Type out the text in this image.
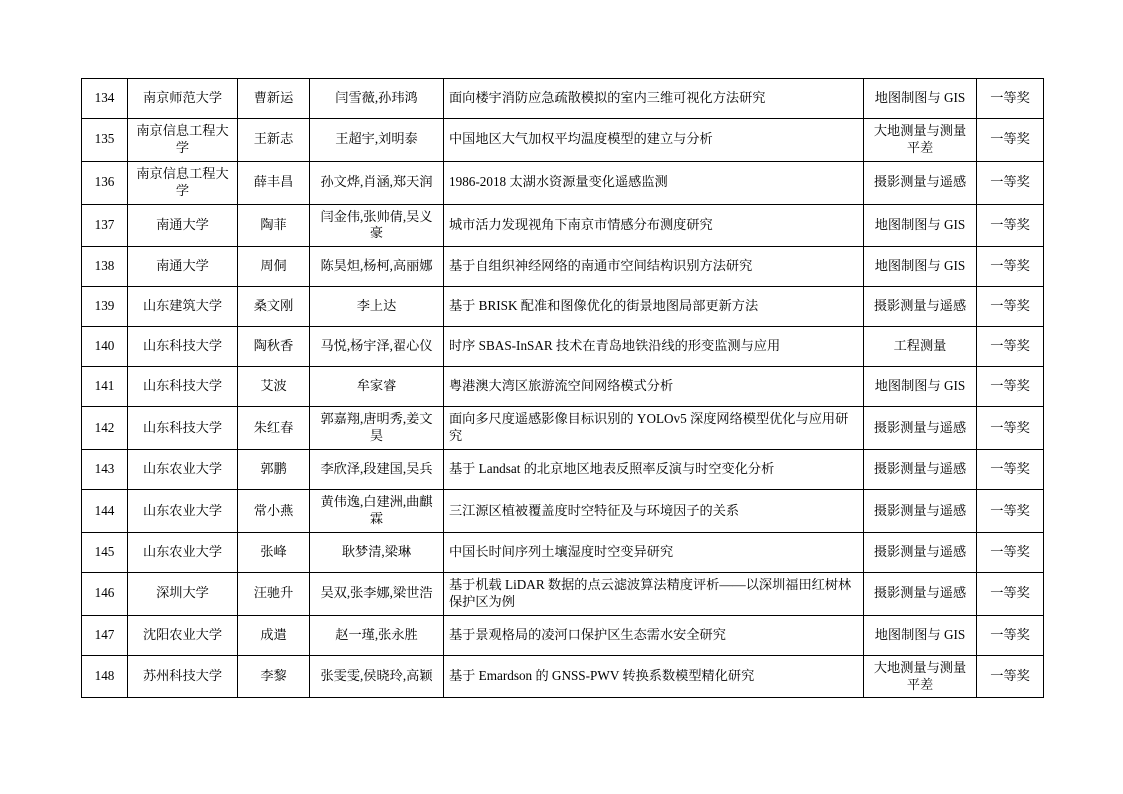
134	南京师范大学	曹新运	闫雪薇,孙玮鸿	面向楼宇消防应急疏散模拟的室内三维可视化方法研究	地图制图与 GIS	一等奖
135	南京信息工程大学	王新志	王超宇,刘明泰	中国地区大气加权平均温度模型的建立与分析	大地测量与测量平差	一等奖
136	南京信息工程大学	薛丰昌	孙文烨,肖涵,郑天润	1986-2018 太湖水资源量变化遥感监测	摄影测量与遥感	一等奖
137	南通大学	陶菲	闫金伟,张帅倩,吴义豪	城市活力发现视角下南京市情感分布测度研究	地图制图与 GIS	一等奖
138	南通大学	周侗	陈昊炟,杨柯,高丽娜	基于自组织神经网络的南通市空间结构识别方法研究	地图制图与 GIS	一等奖
139	山东建筑大学	桑文刚	李上达	基于 BRISK 配准和图像优化的街景地图局部更新方法	摄影测量与遥感	一等奖
140	山东科技大学	陶秋香	马悦,杨宇泽,翟心仪	时序 SBAS-InSAR 技术在青岛地铁沿线的形变监测与应用	工程测量	一等奖
141	山东科技大学	艾波	牟家睿	粤港澳大湾区旅游流空间网络模式分析	地图制图与 GIS	一等奖
142	山东科技大学	朱红春	郭嘉翔,唐明秀,姜文昊	面向多尺度遥感影像目标识别的 YOLOv5 深度网络模型优化与应用研究	摄影测量与遥感	一等奖
143	山东农业大学	郭鹏	李欣泽,段建国,吴兵	基于 Landsat 的北京地区地表反照率反演与时空变化分析	摄影测量与遥感	一等奖
144	山东农业大学	常小燕	黄伟逸,白建洲,曲麒霖	三江源区植被覆盖度时空特征及与环境因子的关系	摄影测量与遥感	一等奖
145	山东农业大学	张峰	耿梦清,梁琳	中国长时间序列土壤湿度时空变异研究	摄影测量与遥感	一等奖
146	深圳大学	汪驰升	吴双,张李娜,梁世浩	基于机载 LiDAR 数据的点云滤波算法精度评析——以深圳福田红树林保护区为例	摄影测量与遥感	一等奖
147	沈阳农业大学	成遣	赵一瑾,张永胜	基于景观格局的凌河口保护区生态需水安全研究	地图制图与 GIS	一等奖
148	苏州科技大学	李黎	张雯雯,侯晓玲,高颖	基于 Emardson 的 GNSS-PWV 转换系数模型精化研究	大地测量与测量平差	一等奖
